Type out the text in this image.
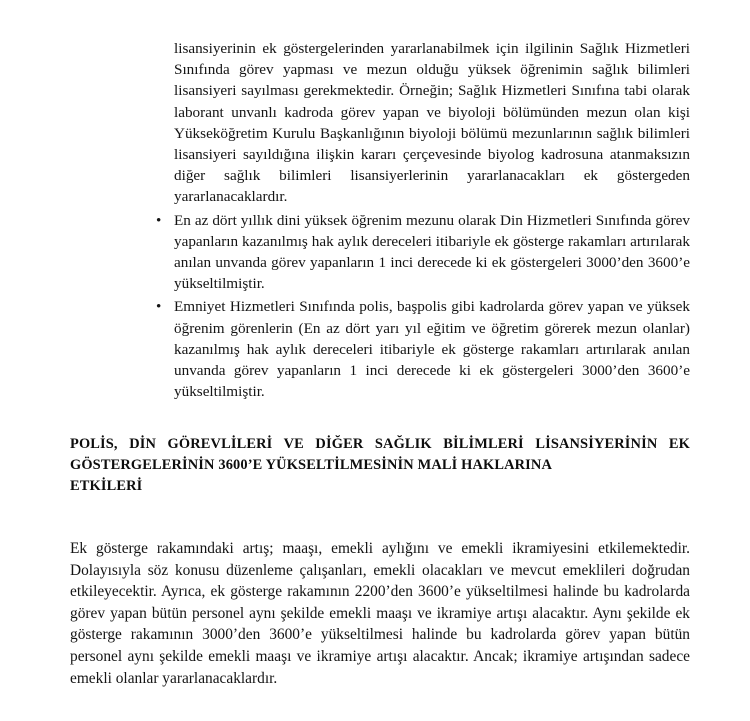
lisansiyerinin ek göstergelerinden yararlanabilmek için ilgilinin Sağlık Hizmetleri Sınıfında görev yapması ve mezun olduğu yüksek öğrenimin sağlık bilimleri lisansiyeri sayılması gerekmektedir. Örneğin; Sağlık Hizmetleri Sınıfına tabi olarak laborant unvanlı kadroda görev yapan ve biyoloji bölümünden mezun olan kişi Yükseköğretim Kurulu Başkanlığının biyoloji bölümü mezunlarının sağlık bilimleri lisansiyeri sayıldığına ilişkin kararı çerçevesinde biyolog kadrosuna atanmaksızın diğer sağlık bilimleri lisansiyerlerinin yararlanacakları ek göstergeden yararlanacaklardır.

• En az dört yıllık dini yüksek öğrenim mezunu olarak Din Hizmetleri Sınıfında görev yapanların kazanılmış hak aylık dereceleri itibariyle ek gösterge rakamları artırılarak anılan unvanda görev yapanların 1 inci derecede ki ek göstergeleri 3000’den 3600’e yükseltilmiştir.
• Emniyet Hizmetleri Sınıfında polis, başpolis gibi kadrolarda görev yapan ve yüksek öğrenim görenlerin (En az dört yarı yıl eğitim ve öğretim görerek mezun olanlar) kazanılmış hak aylık dereceleri itibariyle ek gösterge rakamları artırılarak anılan unvanda görev yapanların 1 inci derecede ki ek göstergeleri 3000’den 3600’e yükseltilmiştir.
POLİS, DİN GÖREVLİLERİ VE DİĞER SAĞLIK BİLİMLERİ LİSANSİYERİNİN EK GÖSTERGELERİNİN 3600’E YÜKSELTİLMESİNİN MALİ HAKLARINA
ETKİLERİ

Ek gösterge rakamındaki artış; maaşı, emekli aylığını ve emekli ikramiyesini etkilemektedir. Dolayısıyla söz konusu düzenleme çalışanları, emekli olacakları ve mevcut emeklileri doğrudan etkileyecektir. Ayrıca, ek gösterge rakamının 2200’den 3600’e yükseltilmesi halinde bu kadrolarda görev yapan bütün personel aynı şekilde emekli maaşı ve ikramiye artışı alacaktır. Aynı şekilde ek gösterge rakamının 3000’den 3600’e yükseltilmesi halinde bu kadrolarda görev yapan bütün personel aynı şekilde emekli maaşı ve ikramiye artışı alacaktır. Ancak; ikramiye artışından sadece emekli olanlar yararlanacaklardır.
